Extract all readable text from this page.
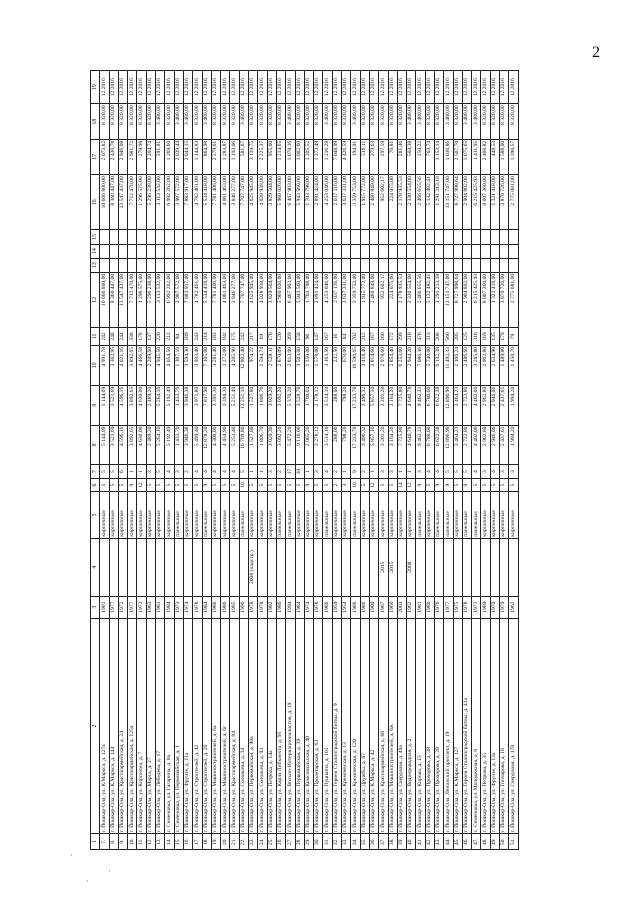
2
1	2	3	4	5	6	7	8	9	10	11	12	13	14	15	16	17	18	19
7.	г. Йошкар-Ола, ул. К.Маркса, д. 127а	1981		кирпичные	5	5	5 144,09	5 144,09	4 991,78	242	10 666 800,00				10 666 800,00	2 073,82	8 320,00	12.2016
8.	г. Йошкар-Ола, ул. К.Маркса, д. 144	1977		кирпичные	5	5	3 521,69	3 521,69	3 362,95	248	8 360 447,00				8 360 447,00	2 430,78	8 320,00	12.2016
9.	г. Йошкар-Ола, ул. Красноармейская, д. 24	1972		кирпичные	5	6	4 596,16	4 596,16	4 021,16	244	13 547 437,00				13 547 437,00	2 946,08	8 320,00	12.2016
10.	г. Йошкар-Ола, ул. Красноармейская, д. 125а	1977		кирпичные	9	1	3 892,65	3 892,65	3 892,65	338	7 712 470,00				7 712 470,00	2 981,72	8 320,00	12.2016
11.	г. Йошкар-Ола, ул. Кирпична, д. 7	1973		кирпичные	12	1	4 630,00	4 630,00	4 466,58	178	1 296 575,00				1 296 575,00	279,98	8 320,00	12.2016
12.	г. Йошкар-Ола, ул. Марса, д. 27	1963		кирпичные	5	3	2 489,20	2 489,20	2 209,60	137	5 296 238,00				5 296 238,00	2 204,74	8 320,00	12.2016
13.	г. Йошкар-Ола, ул. Лебедева, д. 17	1981		кирпичные	5	5	5 264,10	5 264,10	4 945,50	220	3 113 532,00				3 113 532,00	591,81	3 480,00	12.2016
14.	с. Семеновка, ул. Гагарина, д. 8а	1984		кирпичные	5	4	5 192,49	5 192,49	4 054,50	212	6 992 262,00				6 992 262,00	1 269,60	8 320,00	12.2016
15.	с. Семеновка, ул. Первомайская, д. 1	1973		панельные	5	3	1 433,70	1 433,70	1 307,10	94	3 907 572,00				3 907 572,00	2 039,44	3 480,00	12.2016
16.	г. Йошкар-Ола, ул. Фрунзе, д. 11а	1974		кирпичные	5	2	3 946,38	3 946,38	3 594,30	189	7 883 917,00				7 883 917,00	2 044,15	3 480,00	12.2016
17.	г. Йошкар-Ола, ул. Строителей, д. 42	1978		кирпичные	5	4	5 499,40	3 971,80	3 933,40	243	4 782 461,00				4 782 461,00	1 144,83	8 320,00	12.2016
18.	г. Йошкар-Ола, ул. Строителей, д. 26	1984		панельные	9	4	12 878,20	7 817,90	7 105,00	214	5 534 418,00				5 534 418,00	864,98	3 480,00	12.2016
19.	г. Йошкар-Ола, ул. Машиностроителей, д. 6а	1986		кирпичные	5	4	4 300,00	3 391,30	3 281,40	183	7 781 406,00				7 781 406,00	2 279,01	8 320,00	12.2016
20.	г. Йошкар-Ола, ул. Машиностроителей, д. 6г	1986		кирпичные	5	4	4 454,90	3 394,30	3 272,00	182	4 061 463,00				4 061 463,00	1 283,87	8 320,00	12.2016
21.	г. Йошкар-Ола, ул. Красноармейская, д. 84	1985		кирпичные	5	4	5 251,40	5 251,40	4 205,90	175	3 846 277,00				3 846 277,00	1 193,06	8 320,00	12.2016
22.	г. Йошкар-Ола, ул. Соловьева, д. 34	1990		панельные	10	5	16 709,80	13 251,10	12 802,40	242	7 707 747,00				7 707 747,00	581,67	3 480,00	12.2016
23.	г. Йошкар-Ола, ул. Первомайская, д. 90а	1978	2008 (надстр.)	кирпичные	5	1	1 527,80	1 527,80	974,22	217	4 625 945,00				4 625 945,00	3 119,75	8 320,00	12.2016
24.	г. Йошкар-Ола, ул. Соловьева, д. 93	1978		кирпичные	5	1	1 806,70	1 806,70	1 594,74	69	4 028 938,00				4 028 938,00	2 225,37	8 320,00	12.2016
25.	г. Йошкар-Ола, ул. Петрова, д. 14а	1982		кирпичные	5	3	3 029,30	3 029,20	2 528,11	170	3 829 504,00				3 829 504,00	955,00	8 320,00	12.2016
26.	г. Йошкар-Ола, ул. Карла Либкнехта, д. 95	1986		панельные	5	2	3 092,20	3 092,20	2 870,09	120	5 960 026,00				5 960 026,00	1 214,65	8 320,00	12.2016
27.	г. Йошкар-Ола, ул. Вольно-Интернационалистов, д. 19	1994		панельные	5	17	5 472,20	5 370,20	2 813,00	269	6 467 903,00				6 467 903,00	1 078,16	3 480,00	12.2016
28.	г. Йошкар-Ола, ул. Первомайская, д. 39	1984		кирпичные	5	10	9 116,00	3 528,70	3 503,00	158	5 943 560,00				5 943 560,00	1 002,60	8 320,00	12.2016
29.	г. Йошкар-Ола, ул. Комсомольская, д. 40	1974		кирпичные	9	1	2 005,20	1 700,04	1 350,00	96	1 703 798,00				1 703 798,00	1 205,52	8 320,00	12.2016
30.	г. Йошкар-Ола, ул. Пролетарская, д. 63	1978		кирпичные	5	3	3 278,12	2 178,12	1 578,00	147	2 891 424,00				2 891 424,00	1 373,49	8 320,00	12.2016
31.	г. Йошкар-Ола, ул. Пушкина, д. 101	1966		панельные	5	4	3 514,10	3 514,10	3 163,50	167	4 253 046,00				4 253 046,00	1 216,28	3 480,00	12.2016
32.	г. Йошкар-Ола, ул. Героев Сталинградской битвы, д. 9	1959		кирпичные	2	2	288,00	288,00	232,50	16	2 037 116,00				2 037 116,00	7 048,99	8 320,00	12.2016
33.	г. Йошкар-Ола, ул. Кремлевская, д. 13	1954		кирпичные	3	1	798,20	798,20	678,00	84	3 637 331,00				3 637 331,00	4 426,59	8 320,00	12.2016
34.	г. Йошкар-Ола, ул. Кремлевская, д. 120	1986		панельные	10	9	17 233,70	17 233,70	16 590,65	702	3 359 753,00				3 359 753,00	194,91	3 480,00	12.2016
35.	г. Йошкар-Ола, ул. Дружбы, д. 87	1986		кирпичные	5	2	3 496,32	3 496,32	3 418,40	212	1 915 772,00				1 915 772,00	516,11	8 320,00	12.2016
36.	г. Йошкар-Ола, ул. К.Маркса, д. 42	1900		кирпичные	12	1	5 857,10	5 857,10	3 814,60	167	2 460 849,00				2 460 849,00	379,63	8 320,00	12.2016
37.	г. Йошкар-Ола, ул. Красноармейская, д. 88	1967	2015	кирпичные	5	3	3 201,20	3 201,20	2 978,60	160	952 602,17				952 602,17	297,59	8 320,00	12.2016
38.	г. Йошкар-Ола, ул. Машиностроителей, д. 6ж	1960	2015	кирпичные	5	3	3 164,20	3 164,20	2 854,40	172	224 075,00				224 075,00	70,81	8 320,00	12.2016
39.	г. Йошкар-Ола, ул. Свердлова, д. 49а	2003		кирпичные	14	1	7 725,80	7 725,80	6 253,60	299	2 178 935,53				2 178 935,53	281,46	8 320,00	12.2016
40.	г. Йошкар-Ола, ул. Водопроводная, д. 2	1962	2008	кирпичные	12	1	4 640,78	4 640,78	2 944,20	218	2 330 554,00				2 330 554,00	503,38	3 480,00	12.2016
41.	г. Йошкар-Ола, ул. Кирова, д. 15	1981		панельные	9	3	9 462,31	9 462,31	7 086,36	478	2 466 655,56				2 466 655,56	250,22	3 480,00	12.2016
42.	г. Йошкар-Ола, ул. Прохорова, д. 38	1980		кирпичные	5	4	6 780,60	6 780,60	5 740,00	313	5 132 482,41				5 132 482,41	763,74	8 320,00	12.2016
43.	г. Йошкар-Ола, ул. Прохорова, д. 28	1976		панельные	9	4	6 622,38	6 622,38	6 132,38	208	1 291 213,18				1 291 213,18	1 153,14	8 320,00	12.2016
44.	г. Йошкар-Ола, Ленинский проспект, д. 19	1977		панельные	9	5	12 896,90	12 896,90	11 492,33	566	13 151 747,00				13 151 747,00	1 036,86	3 480,00	12.2016
45.	г. Йошкар-Ола, ул. К.Маркса, д. 127	1975		кирпичные	5	5	3 464,23	3 464,23	2 166,24	285	8 727 998,64				8 727 998,64	2 507,70	8 320,00	12.2016
46.	г. Йошкар-Ола, ул. Героев Сталинградской битвы, д. 41а	1978		панельные	9	5	2 723,80	2 723,80	2 486,60	125	2 904 802,00				2 904 802,00	1 075,65	3 480,00	12.2016
47.	с. Семеновка, ул. Молодежная, д. 6	1971		панельные	5	4	4 402,00	4 402,00	3 285,80	316	6 215 425,93				6 215 425,93	1 411,95	3 480,00	12.2016
48.	г. Йошкар-Ола, ул. Петрова, д. 35	1989		кирпичные	5	3	2 962,80	2 962,80	2 962,80	169	8 007 360,00				8 007 360,00	2 408,82	8 320,00	12.2016
49.	г. Йошкар-Ола, ул. Фрунзе, д. 13а	1970		кирпичные	5	4	2 946,06	2 946,06	2 634,90	135	1 321 418,00				1 321 418,00	448,53	8 320,00	12.2016
50.	г. Йошкар-Ола, ул. Гончарова, д. 18	1979		кирпичные	5	3	2 437,61	2 437,61	1 489,80	179	3 870 726,00				3 870 726,00	1 588,00	8 320,00	12.2016
51.	г. Йошкар-Ола, ул. Свердлова, д. 170	1962		кирпичные	5	3	1 994,20	1 994,20	1 450,70	79	2 775 081,00				2 775 081,00	1 390,57	8 320,00	12.2016
·
‧
·
